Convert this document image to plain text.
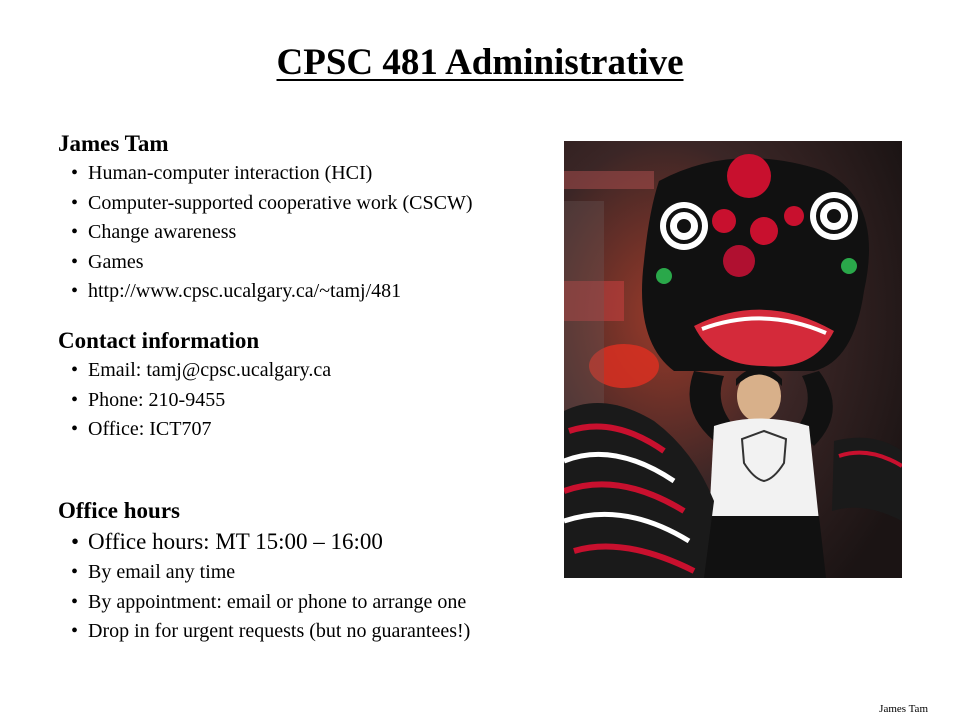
CPSC 481 Administrative

James Tam

• Human-computer interaction (HCI)
• Computer-supported cooperative work (CSCW)
• Change awareness
• Games
• http://www.cpsc.ucalgary.ca/~tamj/481

Contact information

• Email: tamj@cpsc.ucalgary.ca
• Phone: 210-9455
• Office: ICT707

Office hours

• Office hours: MT 15:00 – 16:00
• By email any time
• By appointment: email or phone to arrange one
• Drop in for urgent requests (but no guarantees!)
James Tam
